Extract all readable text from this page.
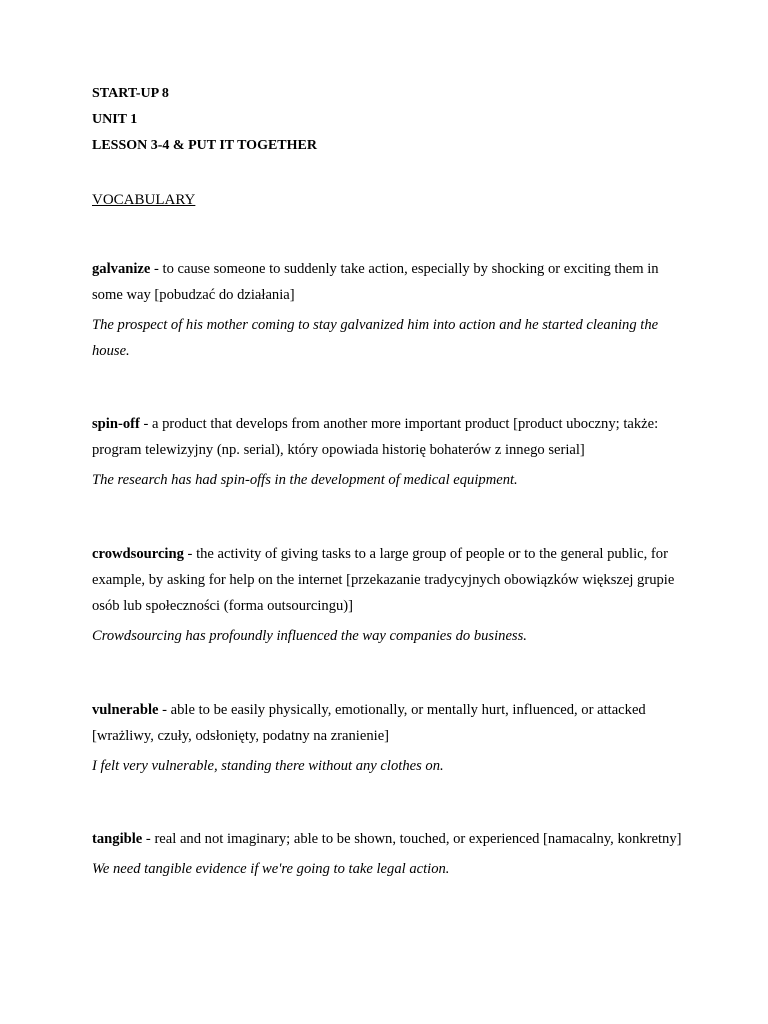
START-UP 8
UNIT 1
LESSON 3-4 & PUT IT TOGETHER
VOCABULARY

galvanize - to cause someone to suddenly take action, especially by shocking or exciting them in some way [pobudzać do działania]

The prospect of his mother coming to stay galvanized him into action and he started cleaning the house.

spin-off - a product that develops from another more important product [product uboczny; także: program telewizyjny (np. serial), który opowiada historię bohaterów z innego serial]

The research has had spin-offs in the development of medical equipment.

crowdsourcing - the activity of giving tasks to a large group of people or to the general public, for example, by asking for help on the internet [przekazanie tradycyjnych obowiązków większej grupie osób lub społeczności (forma outsourcingu)]

Crowdsourcing has profoundly influenced the way companies do business.

vulnerable - able to be easily physically, emotionally, or mentally hurt, influenced, or attacked [wrażliwy, czuły, odsłonięty, podatny na zranienie]

I felt very vulnerable, standing there without any clothes on.

tangible - real and not imaginary; able to be shown, touched, or experienced [namacalny, konkretny]

We need tangible evidence if we're going to take legal action.
